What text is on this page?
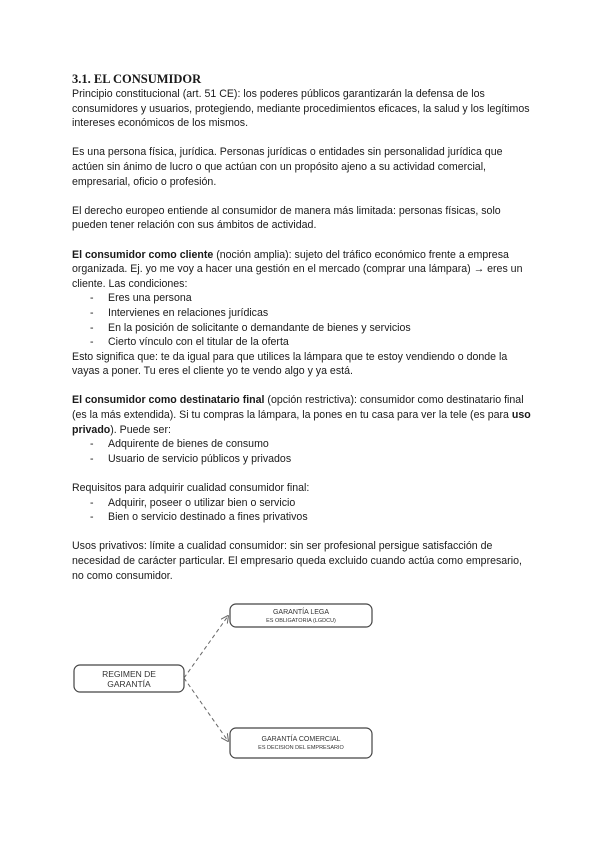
3.1. EL CONSUMIDOR

Principio constitucional (art. 51 CE): los poderes públicos garantizarán la defensa de los consumidores y usuarios, protegiendo, mediante procedimientos eficaces, la salud y los legítimos intereses económicos de los mismos.

Es una persona física, jurídica. Personas jurídicas o entidades sin personalidad jurídica que actúen sin ánimo de lucro o que actúan con un propósito ajeno a su actividad comercial, empresarial, oficio o profesión.

El derecho europeo entiende al consumidor de manera más limitada: personas físicas, solo pueden tener relación con sus ámbitos de actividad.

El consumidor como cliente (noción amplia): sujeto del tráfico económico frente a empresa organizada. Ej. yo me voy a hacer una gestión en el mercado (comprar una lámpara) → eres un cliente. Las condiciones:

- Eres una persona
- Intervienes en relaciones jurídicas
- En la posición de solicitante o demandante de bienes y servicios
- Cierto vínculo con el titular de la oferta

Esto significa que: te da igual para que utilices la lámpara que te estoy vendiendo o donde la vayas a poner. Tu eres el cliente yo te vendo algo y ya está.

El consumidor como destinatario final (opción restrictiva): consumidor como destinatario final (es la más extendida). Si tu compras la lámpara, la pones en tu casa para ver la tele (es para uso privado). Puede ser:

- Adquirente de bienes de consumo
- Usuario de servicio públicos y privados

Requisitos para adquirir cualidad consumidor final:

- Adquirir, poseer o utilizar bien o servicio
- Bien o servicio destinado a fines privativos

Usos privativos: límite a cualidad consumidor: sin ser profesional persigue satisfacción de necesidad de carácter particular. El empresario queda excluido cuando actúa como empresario, no como consumidor.

REGIMEN DE
GARANTÍA
GARANTÍA LEGA
ES OBLIGATORIA (LGDCU)
GARANTÍA COMERCIAL
ES DECISION DEL EMPRESARIO
